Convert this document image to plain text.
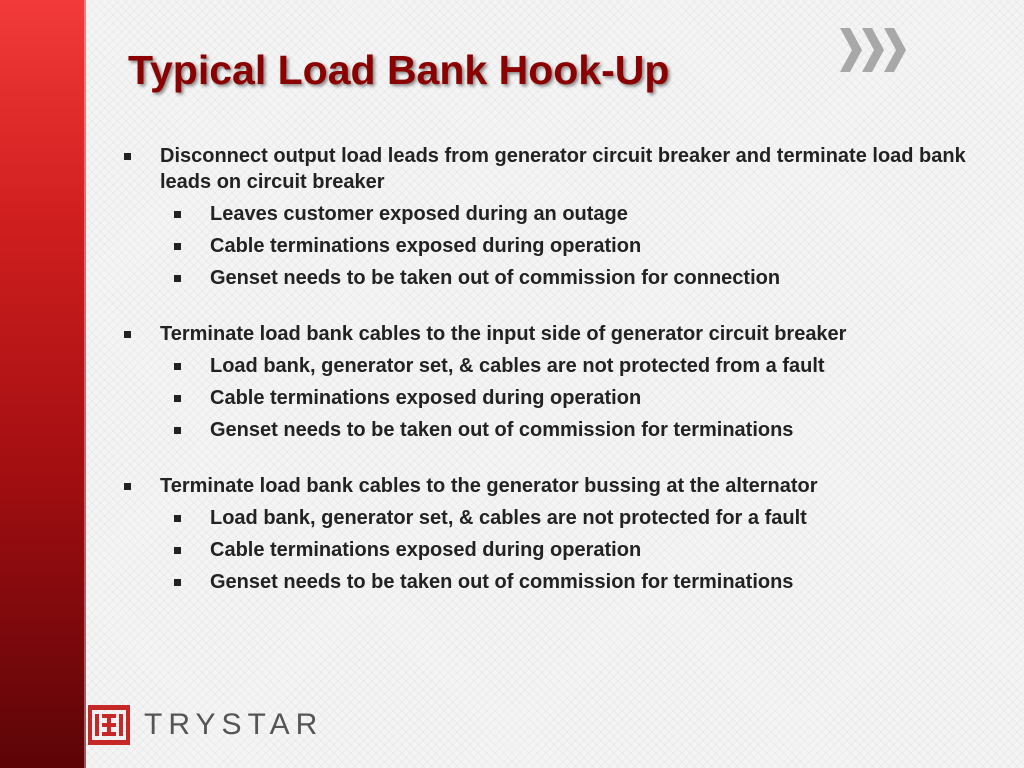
Typical Load Bank Hook-Up
Disconnect output load leads from generator circuit breaker and terminate load bank leads on circuit breaker
Leaves customer exposed during an outage
Cable terminations exposed during operation
Genset needs to be taken out of commission for connection
Terminate load bank cables to the input side of generator circuit breaker
Load bank, generator set, & cables are not protected from a fault
Cable terminations exposed during operation
Genset needs to be taken out of commission for terminations
Terminate load bank cables to the generator bussing at the alternator
Load bank, generator set, & cables are not protected for a fault
Cable terminations exposed during operation
Genset needs to be taken out of commission for terminations
TRYSTAR
